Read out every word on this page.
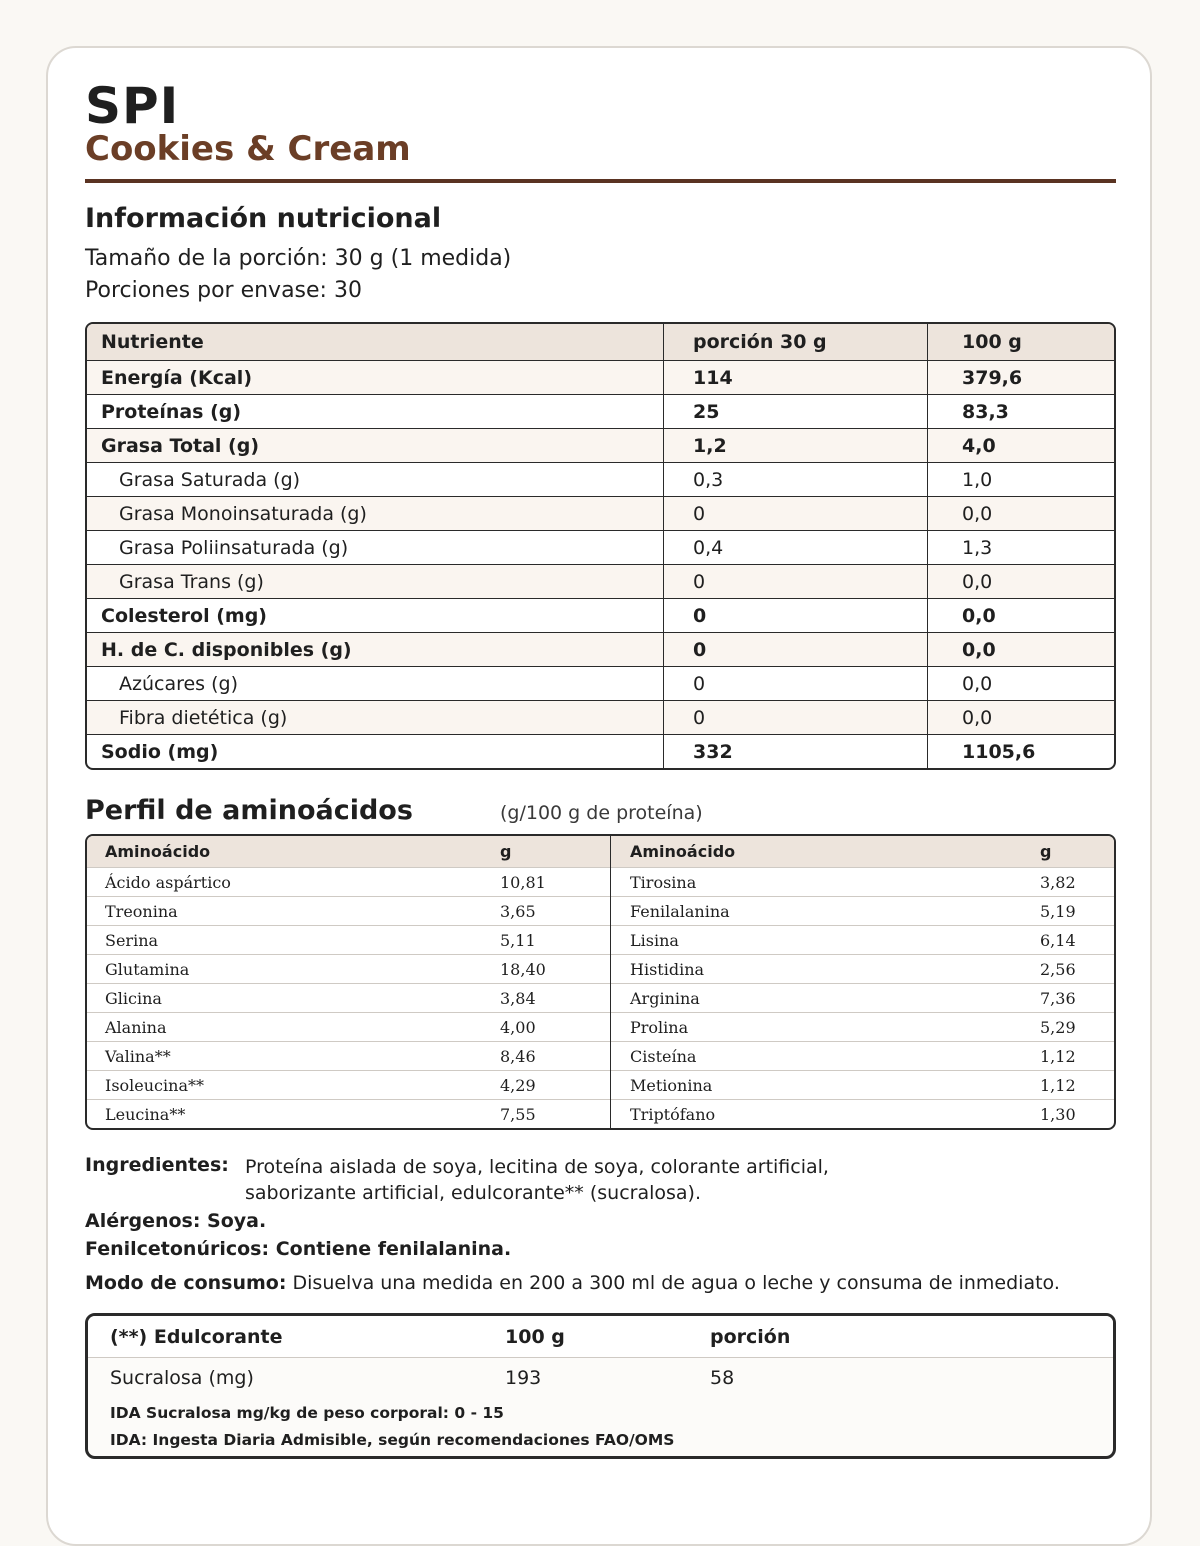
SPI
Cookies & Cream
Información nutricional
Tamaño de la porción: 30 g (1 medida)
Porciones por envase: 30
Nutriente	porción 30 g	100 g
Energía (Kcal)	114	379,6
Proteínas (g)	25	83,3
Grasa Total (g)	1,2	4,0
Grasa Saturada (g)	0,3	1,0
Grasa Monoinsaturada (g)	0	0,0
Grasa Poliinsaturada (g)	0,4	1,3
Grasa Trans (g)	0	0,0
Colesterol (mg)	0	0,0
H. de C. disponibles (g)	0	0,0
Azúcares (g)	0	0,0
Fibra dietética (g)	0	0,0
Sodio (mg)	332	1105,6
Perfil de aminoácidos	(g/100 g de proteína)
Aminoácido	g	Aminoácido	g
Ácido aspártico	10,81	Tirosina	3,82
Treonina	3,65	Fenilalanina	5,19
Serina	5,11	Lisina	6,14
Glutamina	18,40	Histidina	2,56
Glicina	3,84	Arginina	7,36
Alanina	4,00	Prolina	5,29
Valina**	8,46	Cisteína	1,12
Isoleucina**	4,29	Metionina	1,12
Leucina**	7,55	Triptófano	1,30
Ingredientes: Proteína aislada de soya, lecitina de soya, colorante artificial, saborizante artificial, edulcorante** (sucralosa).
Alérgenos: Soya.
Fenilcetonúricos: Contiene fenilalanina.
Modo de consumo: Disuelva una medida en 200 a 300 ml de agua o leche y consuma de inmediato.
(**) Edulcorante	100 g	porción
Sucralosa (mg)	193	58
IDA Sucralosa mg/kg de peso corporal: 0 - 15
IDA: Ingesta Diaria Admisible, según recomendaciones FAO/OMS
